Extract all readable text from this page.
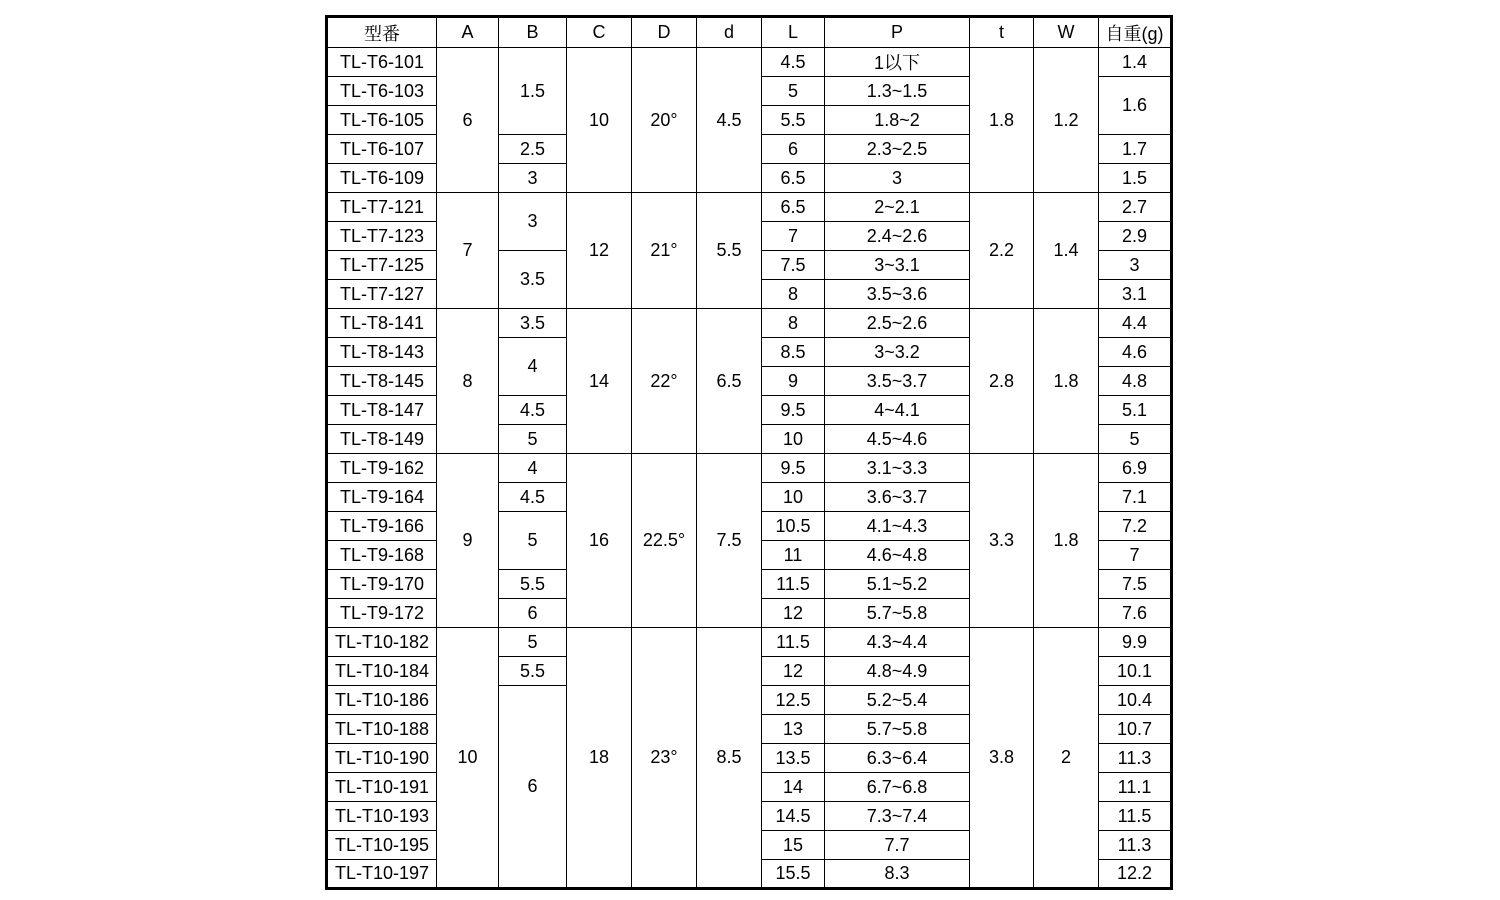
型番	A	B	C	D	d	L	P	t	W	自重(g)
TL-T6-101	6	1.5	10	20°	4.5	4.5	1以下	1.8	1.2	1.4
TL-T6-103						5	1.3~1.5			1.6
TL-T6-105						5.5	1.8~2			
TL-T6-107		2.5				6	2.3~2.5			1.7
TL-T6-109		3				6.5	3			1.5
TL-T7-121	7	3	12	21°	5.5	6.5	2~2.1	2.2	1.4	2.7
TL-T7-123						7	2.4~2.6			2.9
TL-T7-125		3.5				7.5	3~3.1			3
TL-T7-127						8	3.5~3.6			3.1
TL-T8-141	8	3.5	14	22°	6.5	8	2.5~2.6	2.8	1.8	4.4
TL-T8-143		4				8.5	3~3.2			4.6
TL-T8-145						9	3.5~3.7			4.8
TL-T8-147		4.5				9.5	4~4.1			5.1
TL-T8-149		5				10	4.5~4.6			5
TL-T9-162	9	4	16	22.5°	7.5	9.5	3.1~3.3	3.3	1.8	6.9
TL-T9-164		4.5				10	3.6~3.7			7.1
TL-T9-166		5				10.5	4.1~4.3			7.2
TL-T9-168						11	4.6~4.8			7
TL-T9-170		5.5				11.5	5.1~5.2			7.5
TL-T9-172		6				12	5.7~5.8			7.6
TL-T10-182	10	5	18	23°	8.5	11.5	4.3~4.4	3.8	2	9.9
TL-T10-184		5.5				12	4.8~4.9			10.1
TL-T10-186		6				12.5	5.2~5.4			10.4
TL-T10-188						13	5.7~5.8			10.7
TL-T10-190						13.5	6.3~6.4			11.3
TL-T10-191						14	6.7~6.8			11.1
TL-T10-193						14.5	7.3~7.4			11.5
TL-T10-195						15	7.7			11.3
TL-T10-197						15.5	8.3			12.2
